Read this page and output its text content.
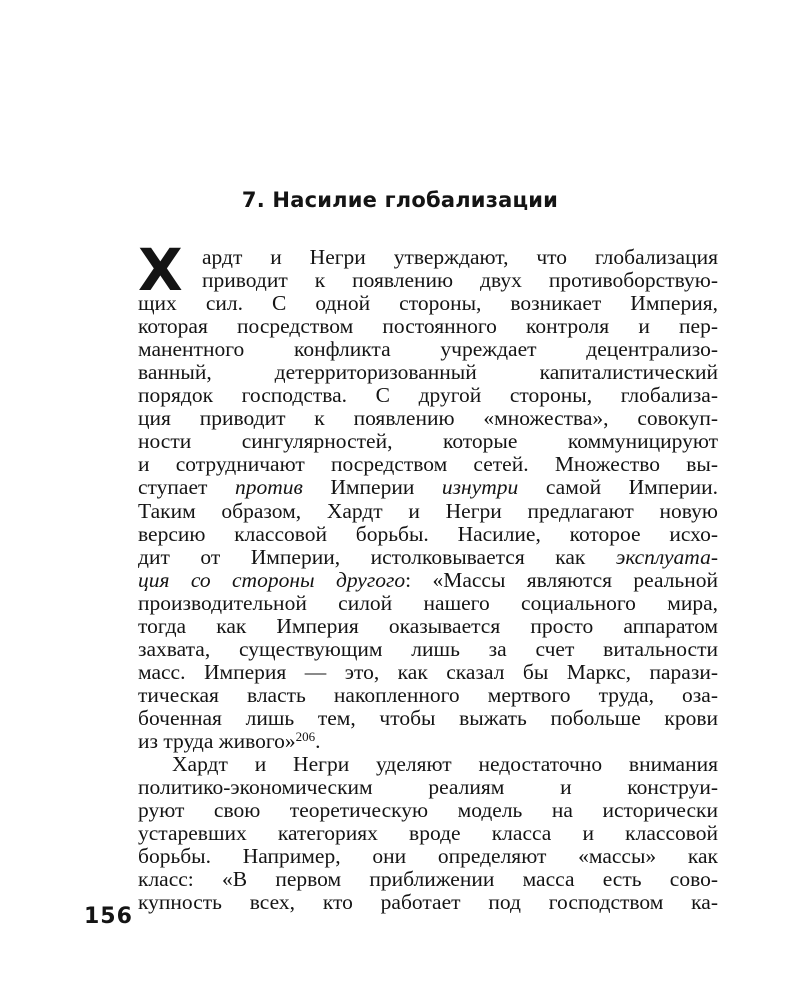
7. Насилие глобализации
Х ардт и Негри утверждают, что глобализация
приводит к появлению двух противоборствую-
щих сил. С одной стороны, возникает Империя,
которая посредством постоянного контроля и пер-
манентного конфликта учреждает децентрализо-
ванный, детерриторизованный капиталистический
порядок господства. С другой стороны, глобализа-
ция приводит к появлению «множества», совокуп-
ности сингулярностей, которые коммуницируют
и сотрудничают посредством сетей. Множество вы-
ступает против Империи изнутри самой Империи.
Таким образом, Хардт и Негри предлагают новую
версию классовой борьбы. Насилие, которое исхо-
дит от Империи, истолковывается как эксплуата-
ция со стороны другого: «Массы являются реальной
производительной силой нашего социального мира,
тогда как Империя оказывается просто аппаратом
захвата, существующим лишь за счет витальности
масс. Империя — это, как сказал бы Маркс, парази-
тическая власть накопленного мертвого труда, оза-
боченная лишь тем, чтобы выжать побольше крови
из труда живого»$^{206}$.
Хардт и Негри уделяют недостаточно внимания
политико-экономическим реалиям и конструи-
руют свою теоретическую модель на исторически
устаревших категориях вроде класса и классовой
борьбы. Например, они определяют «массы» как
класс: «В первом приближении масса есть сово-
купность всех, кто работает под господством ка-
156
